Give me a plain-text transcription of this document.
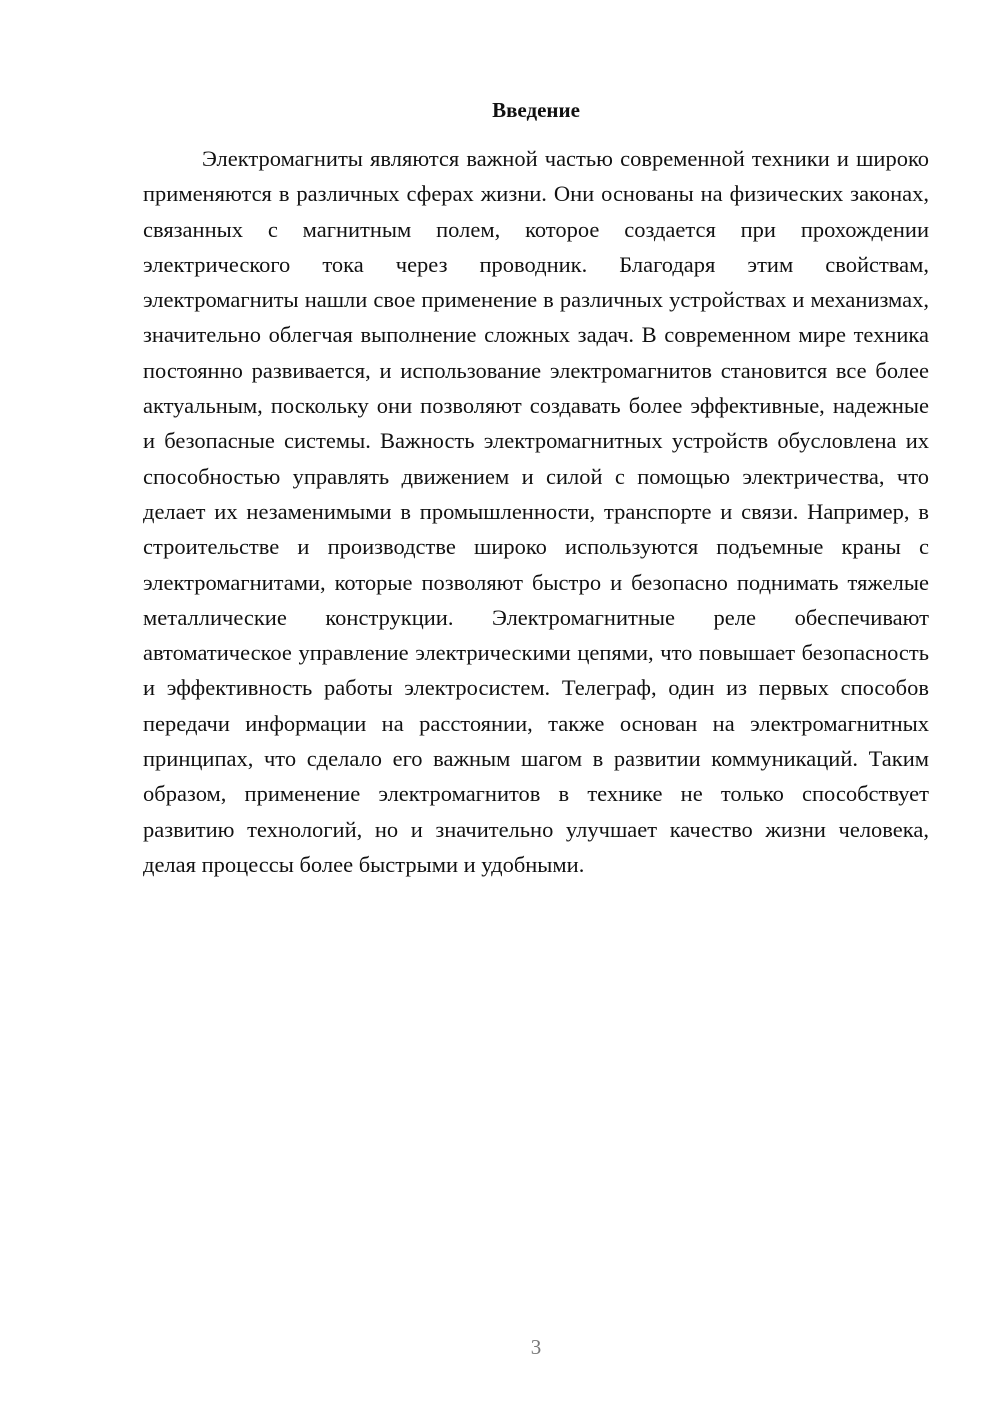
Введение

Электромагниты являются важной частью современной техники и широко применяются в различных сферах жизни. Они основаны на физических законах, связанных с магнитным полем, которое создается при прохождении электрического тока через проводник. Благодаря этим свойствам, электромагниты нашли свое применение в различных устройствах и механизмах, значительно облегчая выполнение сложных задач. В современном мире техника постоянно развивается, и использование электромагнитов становится все более актуальным, поскольку они позволяют создавать более эффективные, надежные и безопасные системы. Важность электромагнитных устройств обусловлена их способностью управлять движением и силой с помощью электричества, что делает их незаменимыми в промышленности, транспорте и связи. Например, в строительстве и производстве широко используются подъемные краны с электромагнитами, которые позволяют быстро и безопасно поднимать тяжелые металлические конструкции. Электромагнитные реле обеспечивают автоматическое управление электрическими цепями, что повышает безопасность и эффективность работы электросистем. Телеграф, один из первых способов передачи информации на расстоянии, также основан на электромагнитных принципах, что сделало его важным шагом в развитии коммуникаций. Таким образом, применение электромагнитов в технике не только способствует развитию технологий, но и значительно улучшает качество жизни человека, делая процессы более быстрыми и удобными.

3
